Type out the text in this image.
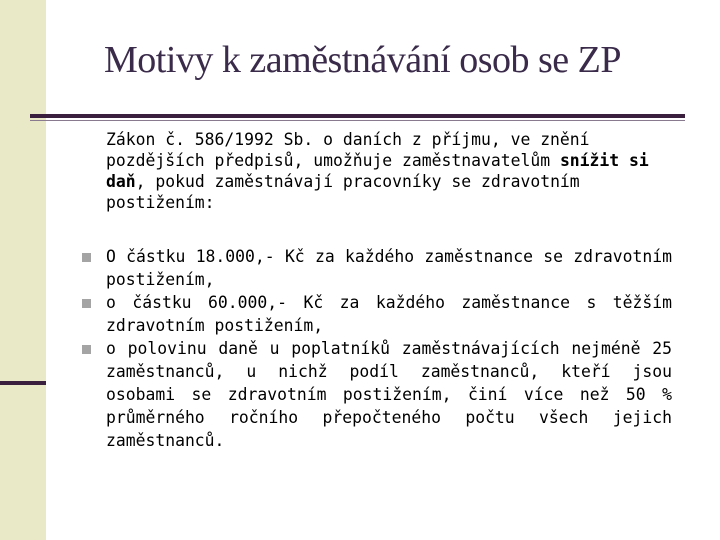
Motivy k zaměstnávání osob se ZP
Zákon č. 586/1992 Sb. o daních z příjmu, ve znění pozdějších předpisů, umožňuje zaměstnavatelům snížit si daň, pokud zaměstnávají pracovníky se zdravotním postižením:
O částku 18.000,- Kč za každého zaměstnance se zdravotním postižením,
o částku 60.000,- Kč za každého zaměstnance s těžším zdravotním postižením,
o polovinu daně u poplatníků zaměstnávajících nejméně 25 zaměstnanců, u nichž podíl zaměstnanců, kteří jsou osobami se zdravotním postižením, činí více než 50 % průměrného ročního přepočteného počtu všech jejich zaměstnanců.
